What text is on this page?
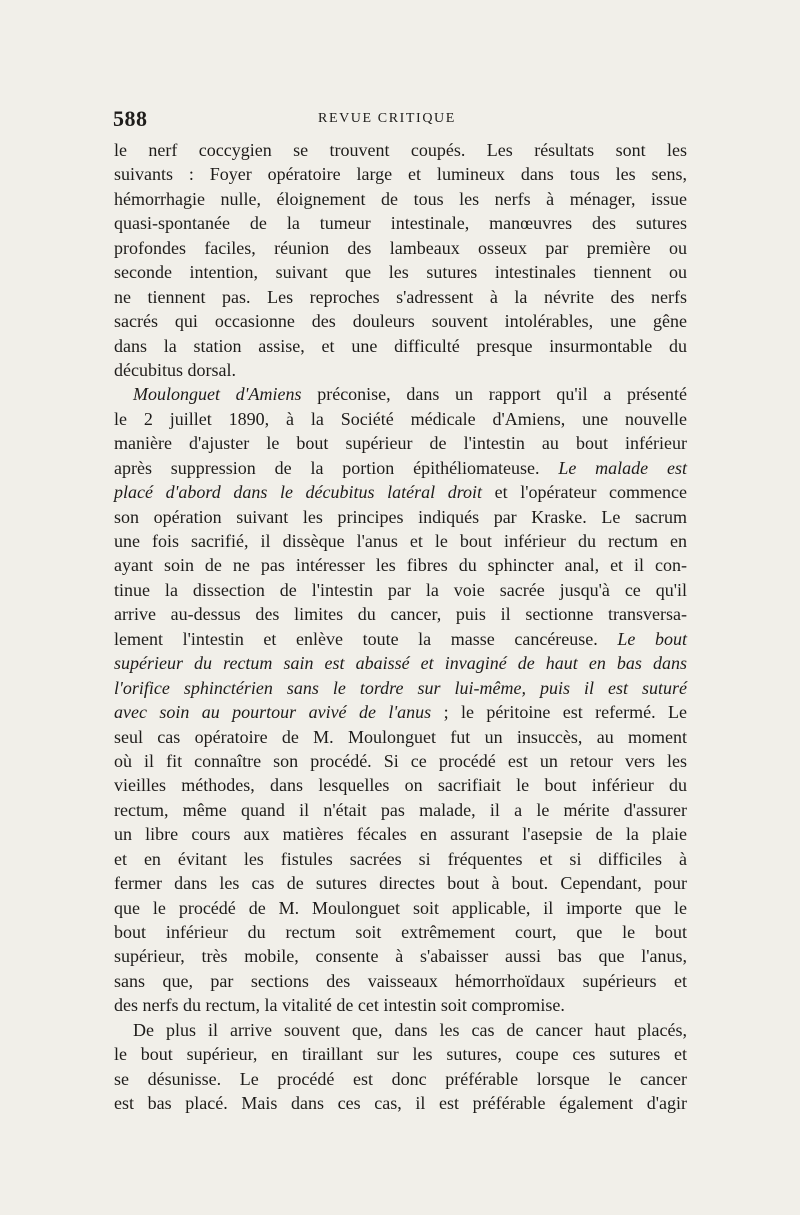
588	REVUE CRITIQUE
le nerf coccygien se trouvent coupés. Les résultats sont les
suivants : Foyer opératoire large et lumineux dans tous les sens,
hémorrhagie nulle, éloignement de tous les nerfs à ménager, issue
quasi-spontanée de la tumeur intestinale, manœuvres des sutures
profondes faciles, réunion des lambeaux osseux par première ou
seconde intention, suivant que les sutures intestinales tiennent ou
ne tiennent pas. Les reproches s'adressent à la névrite des nerfs
sacrés qui occasionne des douleurs souvent intolérables, une gêne
dans la station assise, et une difficulté presque insurmontable du
décubitus dorsal.
Moulonguet d'Amiens préconise, dans un rapport qu'il a présenté
le 2 juillet 1890, à la Société médicale d'Amiens, une nouvelle
manière d'ajuster le bout supérieur de l'intestin au bout inférieur
après suppression de la portion épithéliomateuse. Le malade est
placé d'abord dans le décubitus latéral droit et l'opérateur commence
son opération suivant les principes indiqués par Kraske. Le sacrum
une fois sacrifié, il dissèque l'anus et le bout inférieur du rectum en
ayant soin de ne pas intéresser les fibres du sphincter anal, et il con-
tinue la dissection de l'intestin par la voie sacrée jusqu'à ce qu'il
arrive au-dessus des limites du cancer, puis il sectionne transversa-
lement l'intestin et enlève toute la masse cancéreuse. Le bout
supérieur du rectum sain est abaissé et invaginé de haut en bas dans
l'orifice sphinctérien sans le tordre sur lui-même, puis il est suturé
avec soin au pourtour avivé de l'anus ; le péritoine est refermé. Le
seul cas opératoire de M. Moulonguet fut un insuccès, au moment
où il fit connaître son procédé. Si ce procédé est un retour vers les
vieilles méthodes, dans lesquelles on sacrifiait le bout inférieur du
rectum, même quand il n'était pas malade, il a le mérite d'assurer
un libre cours aux matières fécales en assurant l'asepsie de la plaie
et en évitant les fistules sacrées si fréquentes et si difficiles à
fermer dans les cas de sutures directes bout à bout. Cependant, pour
que le procédé de M. Moulonguet soit applicable, il importe que le
bout inférieur du rectum soit extrêmement court, que le bout
supérieur, très mobile, consente à s'abaisser aussi bas que l'anus,
sans que, par sections des vaisseaux hémorrhoïdaux supérieurs et
des nerfs du rectum, la vitalité de cet intestin soit compromise.
De plus il arrive souvent que, dans les cas de cancer haut placés,
le bout supérieur, en tiraillant sur les sutures, coupe ces sutures et
se désunisse. Le procédé est donc préférable lorsque le cancer
est bas placé. Mais dans ces cas, il est préférable également d'agir
